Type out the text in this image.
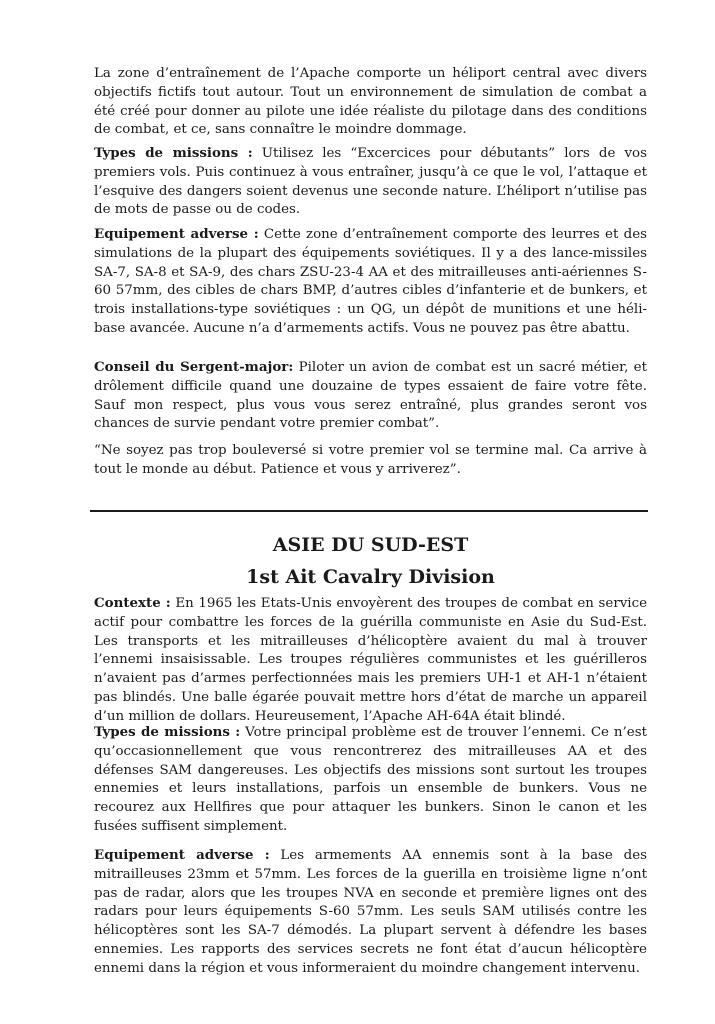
La zone d’entraînement de l’Apache comporte un héliport central avec divers objectifs fictifs tout autour. Tout un environnement de simulation de combat a été créé pour donner au pilote une idée réaliste du pilotage dans des conditions de combat, et ce, sans connaître le moindre dommage.

Types de missions : Utilisez les “Excercices pour débutants” lors de vos premiers vols. Puis continuez à vous entraîner, jusqu’à ce que le vol, l’attaque et l’esquive des dangers soient devenus une seconde nature. L’héliport n’utilise pas de mots de passe ou de codes.

Equipement adverse : Cette zone d’entraînement comporte des leurres et des simulations de la plupart des équipements soviétiques. Il y a des lance-missiles SA-7, SA-8 et SA-9, des chars ZSU-23-4 AA et des mitrailleuses anti-aériennes S-60 57mm, des cibles de chars BMP, d’autres cibles d’infanterie et de bunkers, et trois installations-type soviétiques : un QG, un dépôt de munitions et une héli-base avancée. Aucune n’a d’armements actifs. Vous ne pouvez pas être abattu.

Conseil du Sergent-major: Piloter un avion de combat est un sacré métier, et drôlement difficile quand une douzaine de types essaient de faire votre fête. Sauf mon respect, plus vous vous serez entraîné, plus grandes seront vos chances de survie pendant votre premier combat”.

“Ne soyez pas trop bouleversé si votre premier vol se termine mal. Ca arrive à tout le monde au début. Patience et vous y arriverez”.

ASIE DU SUD-EST
1st Ait Cavalry Division

Contexte : En 1965 les Etats-Unis envoyèrent des troupes de combat en service actif pour combattre les forces de la guérilla communiste en Asie du Sud-Est. Les transports et les mitrailleuses d’hélicoptère avaient du mal à trouver l’ennemi insaisissable. Les troupes régulières communistes et les guérilleros n’avaient pas d’armes perfectionnées mais les premiers UH-1 et AH-1 n’étaient pas blindés. Une balle égarée pouvait mettre hors d’état de marche un appareil d’un million de dollars. Heureusement, l’Apache AH-64A était blindé.

Types de missions : Votre principal problème est de trouver l’ennemi. Ce n’est qu’occasionnellement que vous rencontrerez des mitrailleuses AA et des défenses SAM dangereuses. Les objectifs des missions sont surtout les troupes ennemies et leurs installations, parfois un ensemble de bunkers. Vous ne recourez aux Hellfires que pour attaquer les bunkers. Sinon le canon et les fusées suffisent simplement.

Equipement adverse : Les armements AA ennemis sont à la base des mitrailleuses 23mm et 57mm. Les forces de la guerilla en troisième ligne n’ont pas de radar, alors que les troupes NVA en seconde et première lignes ont des radars pour leurs équipements S-60 57mm. Les seuls SAM utilisés contre les hélicoptères sont les SA-7 démodés. La plupart servent à défendre les bases ennemies. Les rapports des services secrets ne font état d’aucun hélicoptère ennemi dans la région et vous informeraient du moindre changement intervenu.
